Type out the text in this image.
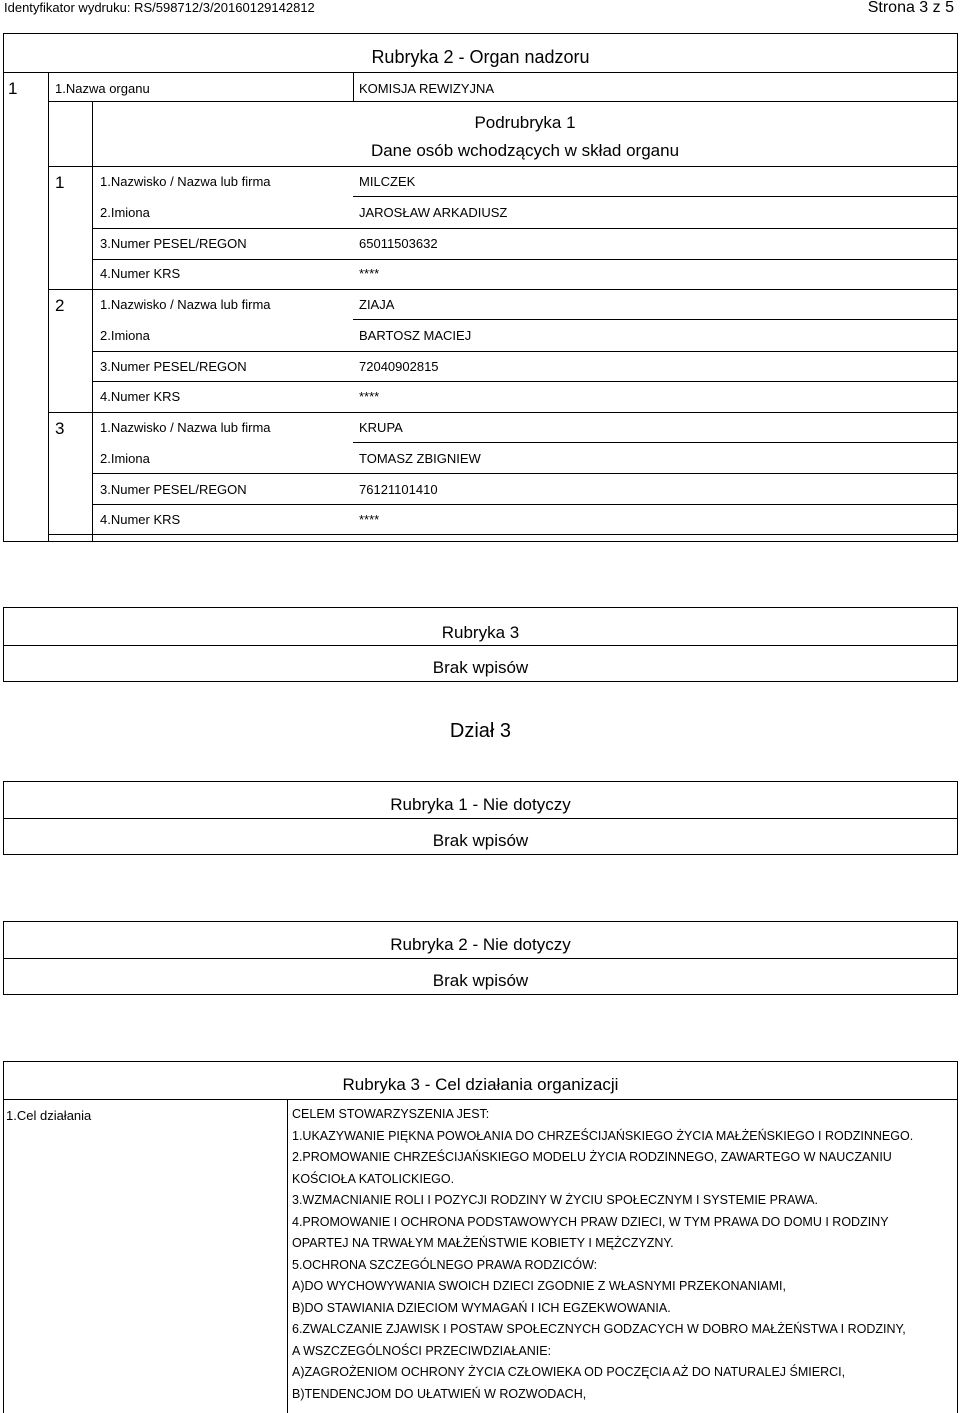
Identyfikator wydruku: RS/598712/3/20160129142812	Strona 3 z 5
Rubryka 2 - Organ nadzoru
1	1.Nazwa organu	KOMISJA REWIZYJNA
Podrubryka 1
Dane osób wchodzących w skład organu
1	1.Nazwisko / Nazwa lub firma	MILCZEK
2.Imiona	JAROSŁAW ARKADIUSZ
3.Numer PESEL/REGON	65011503632
4.Numer KRS	****
2	1.Nazwisko / Nazwa lub firma	ZIAJA
2.Imiona	BARTOSZ MACIEJ
3.Numer PESEL/REGON	72040902815
4.Numer KRS	****
3	1.Nazwisko / Nazwa lub firma	KRUPA
2.Imiona	TOMASZ ZBIGNIEW
3.Numer PESEL/REGON	76121101410
4.Numer KRS	****
Rubryka 3
Brak wpisów
Dział 3
Rubryka 1 - Nie dotyczy
Brak wpisów
Rubryka 2 - Nie dotyczy
Brak wpisów
Rubryka 3 - Cel działania organizacji
1.Cel działania	CELEM STOWARZYSZENIA JEST:
1.UKAZYWANIE PIĘKNA POWOŁANIA DO CHRZEŚCIJAŃSKIEGO ŻYCIA MAŁŻEŃSKIEGO I RODZINNEGO.
2.PROMOWANIE CHRZEŚCIJAŃSKIEGO MODELU ŻYCIA RODZINNEGO, ZAWARTEGO W NAUCZANIU
KOŚCIOŁA KATOLICKIEGO.
3.WZMACNIANIE ROLI I POZYCJI RODZINY W ŻYCIU SPOŁECZNYM I SYSTEMIE PRAWA.
4.PROMOWANIE I OCHRONA PODSTAWOWYCH PRAW DZIECI, W TYM PRAWA DO DOMU I RODZINY
OPARTEJ NA TRWAŁYM MAŁŻEŃSTWIE KOBIETY I MĘŻCZYZNY.
5.OCHRONA SZCZEGÓLNEGO PRAWA RODZICÓW:
A)DO WYCHOWYWANIA SWOICH DZIECI ZGODNIE Z WŁASNYMI PRZEKONANIAMI,
B)DO STAWIANIA DZIECIOM WYMAGAŃ I ICH EGZEKWOWANIA.
6.ZWALCZANIE ZJAWISK I POSTAW SPOŁECZNYCH GODZACYCH W DOBRO MAŁŻEŃSTWA I RODZINY,
A WSZCZEGÓLNOŚCI PRZECIWDZIAŁANIE:
A)ZAGROŻENIOM OCHRONY ŻYCIA CZŁOWIEKA OD POCZĘCIA AŻ DO NATURALEJ ŚMIERCI,
B)TENDENCJOM DO UŁATWIEŃ W ROZWODACH,
